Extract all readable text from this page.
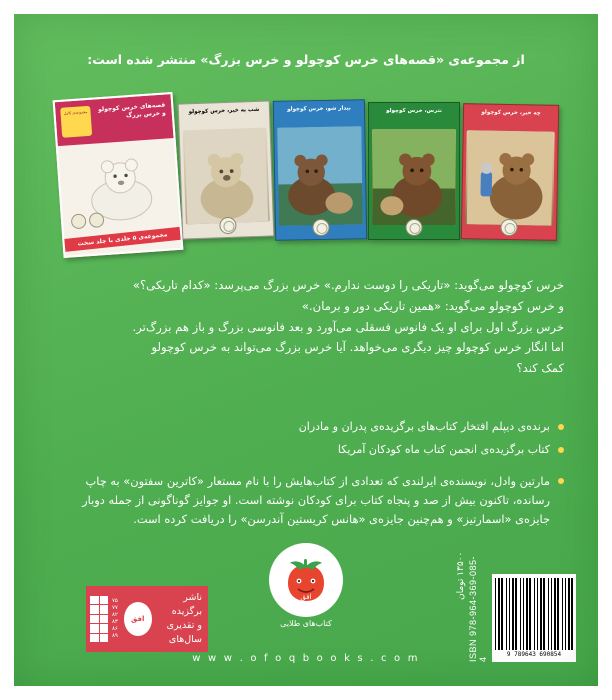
از مجموعه‌ی «قصه‌های خرس کوچولو و خرس بزرگ» منتشر شده است:
قصه‌های خرس کوچولو و خرس بزرگ
مجموعه‌ی کامل
مجموعه‌ی ۵ جلدی با جلد سخت
شب به خیر، خرس کوچولو	بیدار شو، خرس کوچولو	نترس، خرس کوچولو	چه خبر، خرس کوچولو

خرس کوچولو می‌گوید: «تاریکی را دوست ندارم.» خرس بزرگ می‌پرسد: «کدام تاریکی؟»

و خرس کوچولو می‌گوید: «همین تاریکی دور و برمان.»

خرس بزرگ اول برای او یک فانوس فسقلی می‌آورد و بعد فانوسی بزرگ و باز هم بزرگ‌تر.

اما انگار خرس کوچولو چیز دیگری می‌خواهد. آیا خرس بزرگ می‌تواند به خرس کوچولو

کمک کند؟

برنده‌ی دیپلم افتخار کتاب‌های برگزیده‌ی پدران و مادران
کتاب برگزیده‌ی انجمن کتاب ماه کودکان آمریکا
مارتین وادل، نویسنده‌ی ایرلندی که تعدادی از کتاب‌هایش را با نام مستعار «کاترین سفتون» به چاپ رسانده، تاکنون بیش از صد و پنجاه کتاب برای کودکان نوشته است. او جوایز گوناگونی از جمله دوبار جایزه‌ی «اسمارتیز» و هم‌چنین جایزه‌ی «هانس کریستین آندرسن» را دریافت کرده است.
افق
کتاب‌های طلایی
w w w . o f o q b o o k s . c o m
ناشر
برگزیده
و تقدیری
سال‌های
افق
۷۵ ۷۷ ۸۲ ۸۳ ۸۶ ۸۹
۱۳۵۰۰ تومان ISBN 978-964-369-085-4
9 789643 690854
